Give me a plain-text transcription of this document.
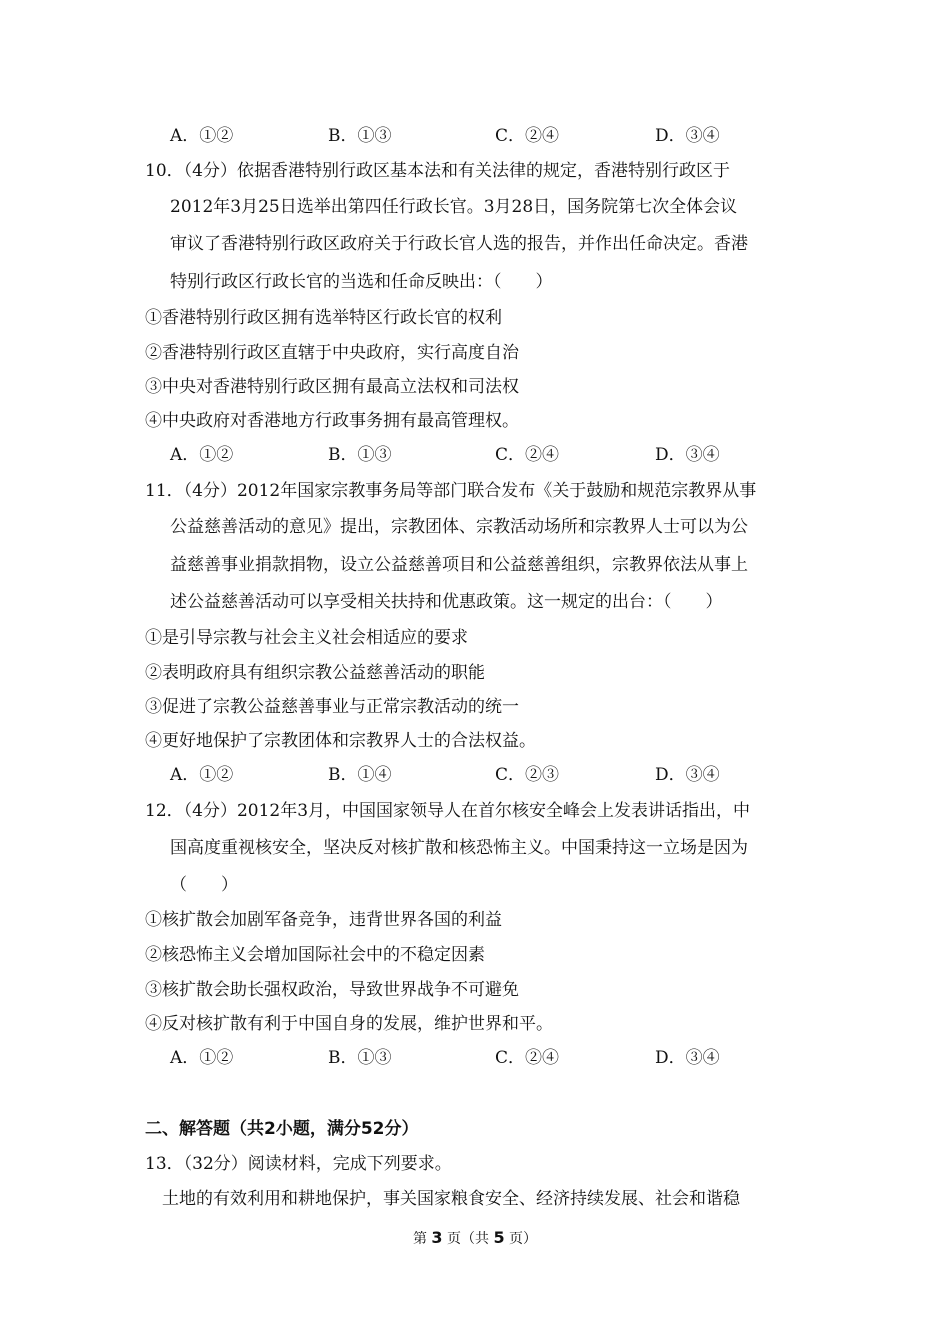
A．①②	B．①③	C．②④	D．③④
10．（4分）依据香港特别行政区基本法和有关法律的规定，香港特别行政区于
2012年3月25日选举出第四任行政长官。3月28日，国务院第七次全体会议
审议了香港特别行政区政府关于行政长官人选的报告，并作出任命决定。香港
特别行政区行政长官的当选和任命反映出：（　　）
①香港特别行政区拥有选举特区行政长官的权利
②香港特别行政区直辖于中央政府，实行高度自治
③中央对香港特别行政区拥有最高立法权和司法权
④中央政府对香港地方行政事务拥有最高管理权。
A．①②	B．①③	C．②④	D．③④
11．（4分）2012年国家宗教事务局等部门联合发布《关于鼓励和规范宗教界从事
公益慈善活动的意见》提出，宗教团体、宗教活动场所和宗教界人士可以为公
益慈善事业捐款捐物，设立公益慈善项目和公益慈善组织，宗教界依法从事上
述公益慈善活动可以享受相关扶持和优惠政策。这一规定的出台：（　　）
①是引导宗教与社会主义社会相适应的要求
②表明政府具有组织宗教公益慈善活动的职能
③促进了宗教公益慈善事业与正常宗教活动的统一
④更好地保护了宗教团体和宗教界人士的合法权益。
A．①②	B．①④	C．②③	D．③④
12．（4分）2012年3月，中国国家领导人在首尔核安全峰会上发表讲话指出，中
国高度重视核安全，坚决反对核扩散和核恐怖主义。中国秉持这一立场是因为
（　　）
①核扩散会加剧军备竞争，违背世界各国的利益
②核恐怖主义会增加国际社会中的不稳定因素
③核扩散会助长强权政治，导致世界战争不可避免
④反对核扩散有利于中国自身的发展，维护世界和平。
A．①②	B．①③	C．②④	D．③④
二、解答题（共2小题，满分52分）
13．（32分）阅读材料，完成下列要求。
土地的有效利用和耕地保护，事关国家粮食安全、经济持续发展、社会和谐稳
第 3 页（共 5 页）
